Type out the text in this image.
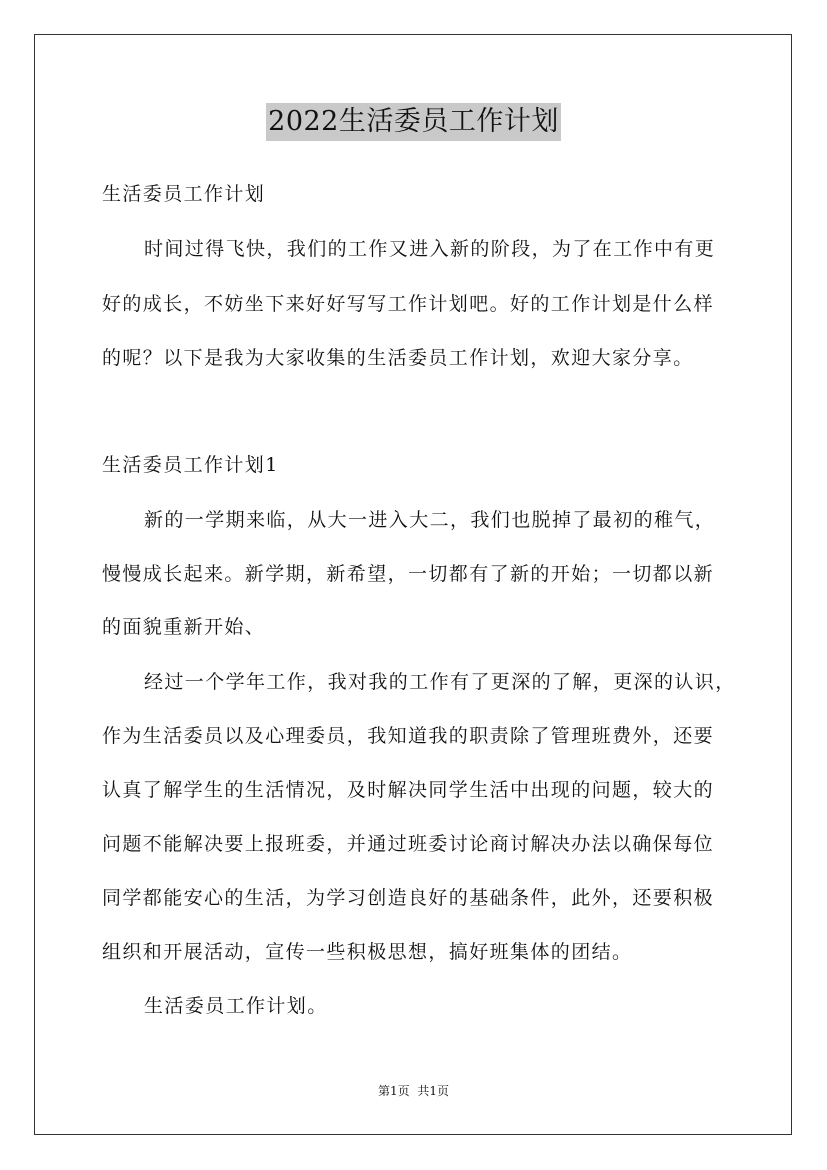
2022生活委员工作计划
生活委员工作计划
时间过得飞快，我们的工作又进入新的阶段，为了在工作中有更
好的成长，不妨坐下来好好写写工作计划吧。好的工作计划是什么样
的呢？以下是我为大家收集的生活委员工作计划，欢迎大家分享。
生活委员工作计划1
新的一学期来临，从大一进入大二，我们也脱掉了最初的稚气，
慢慢成长起来。新学期，新希望，一切都有了新的开始；一切都以新
的面貌重新开始、
经过一个学年工作，我对我的工作有了更深的了解，更深的认识，
作为生活委员以及心理委员，我知道我的职责除了管理班费外，还要
认真了解学生的生活情况，及时解决同学生活中出现的问题，较大的
问题不能解决要上报班委，并通过班委讨论商讨解决办法以确保每位
同学都能安心的生活，为学习创造良好的基础条件，此外，还要积极
组织和开展活动，宣传一些积极思想，搞好班集体的团结。
生活委员工作计划。
第1页 共1页
